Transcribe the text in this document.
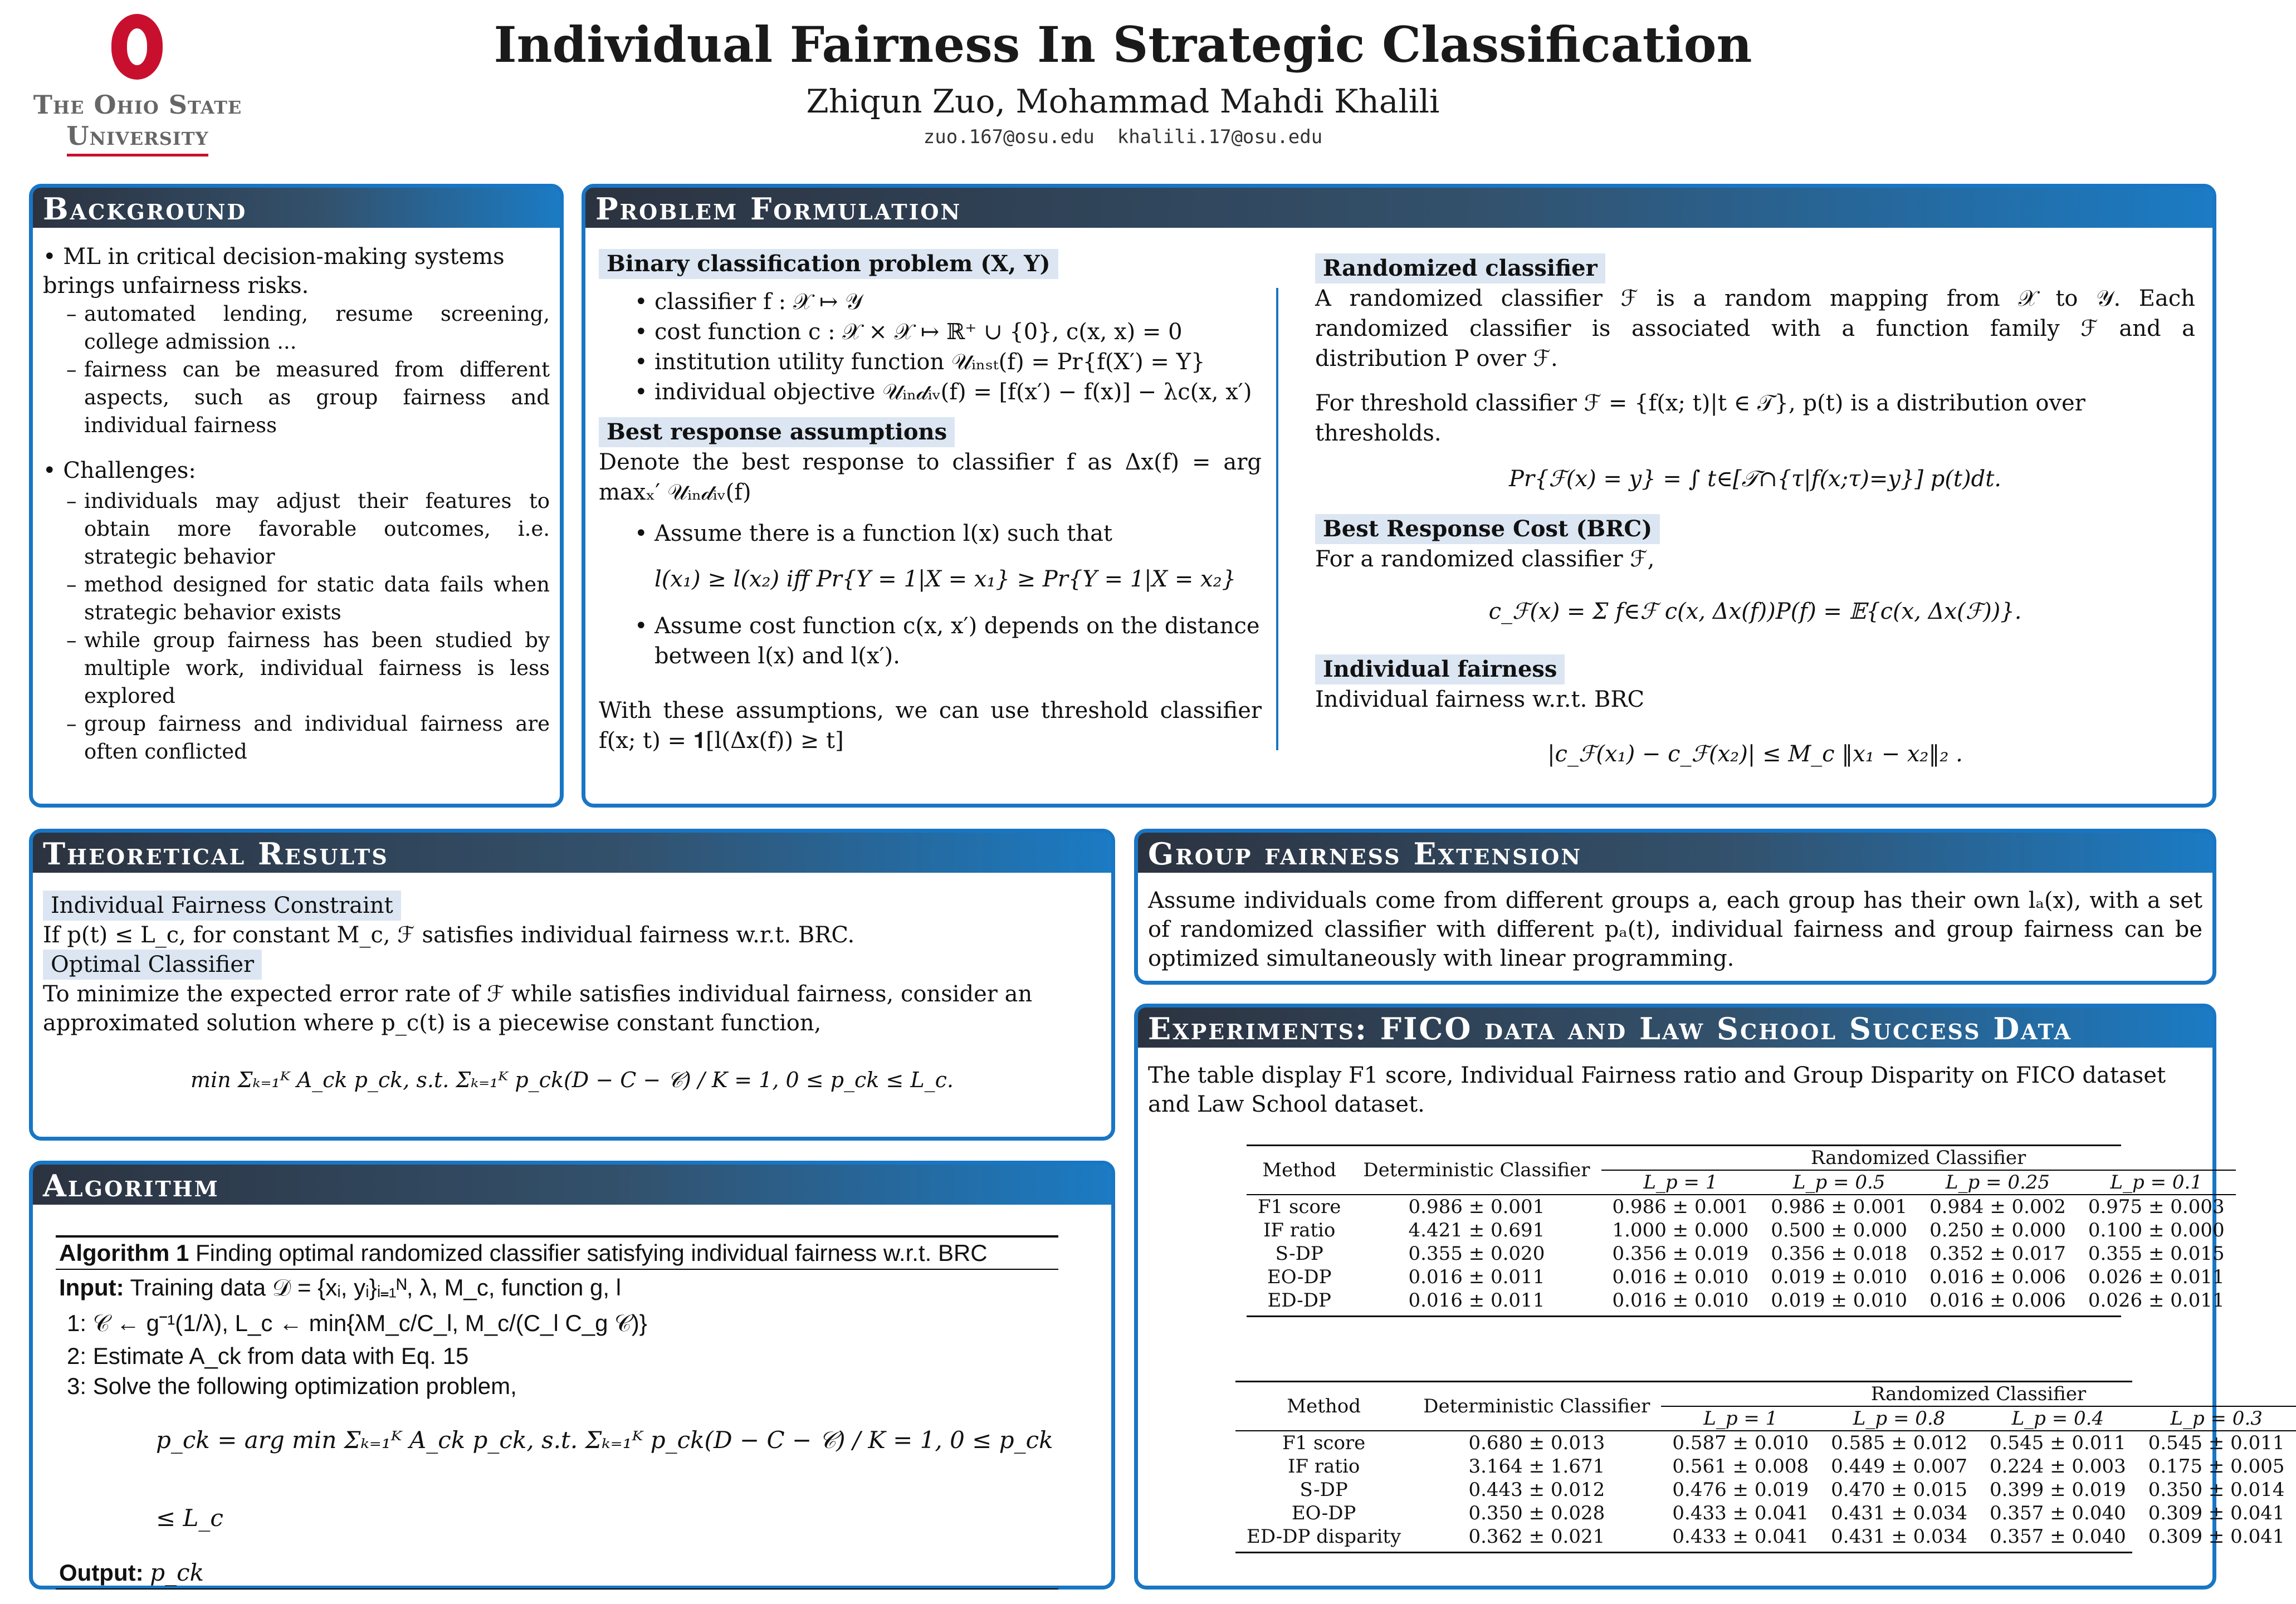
The Ohio State
University
Individual Fairness In Strategic Classification
Zhiqun Zuo, Mohammad Mahdi Khalili
zuo.167@osu.edu  khalili.17@osu.edu
Background
• ML in critical decision-making systems brings unfairness risks.
– automated lending, resume screening, college admission ...
– fairness can be measured from different aspects, such as group fairness and individual fairness
• Challenges:
– individuals may adjust their features to obtain more favorable outcomes, i.e. strategic behavior
– method designed for static data fails when strategic behavior exists
– while group fairness has been studied by multiple work, individual fairness is less explored
– group fairness and individual fairness are often conflicted
Problem Formulation
Binary classification problem (X, Y)
• classifier f : 𝒳 ↦ 𝒴
• cost function c : 𝒳 × 𝒳 ↦ ℝ⁺ ∪ {0}, c(x, x) = 0
• institution utility function 𝒰ᵢₙₛₜ(f) = Pr{f(X′) = Y}
• individual objective 𝒰ᵢₙ𝒹ᵢᵥ(f) = [f(x′) − f(x)] − λc(x, x′)
Best response assumptions
Denote the best response to classifier f as Δx(f) = arg maxₓ′ 𝒰ᵢₙ𝒹ᵢᵥ(f)
• Assume there is a function l(x) such that
l(x₁) ≥ l(x₂) iff Pr{Y = 1|X = x₁} ≥ Pr{Y = 1|X = x₂}
• Assume cost function c(x, x′) depends on the distance between l(x) and l(x′).
With these assumptions, we can use threshold classifier f(x; t) = 𝟏[l(Δx(f)) ≥ t]
Randomized classifier
A randomized classifier ℱ is a random mapping from 𝒳 to 𝒴. Each randomized classifier is associated with a function family ℱ and a distribution P over ℱ.
For threshold classifier ℱ = {f(x; t)|t ∈ 𝒯}, p(t) is a distribution over thresholds.
Pr{ℱ(x) = y} = ∫ t∈[𝒯∩{τ|f(x;τ)=y}] p(t)dt.
Best Response Cost (BRC)
For a randomized classifier ℱ,
c_ℱ(x) = Σ f∈ℱ c(x, Δx(f))P(f) = 𝔼{c(x, Δx(ℱ))}.
Individual fairness
Individual fairness w.r.t. BRC
|c_ℱ(x₁) − c_ℱ(x₂)| ≤ M_c ‖x₁ − x₂‖₂ .
Theoretical Results
Individual Fairness Constraint
If p(t) ≤ L_c, for constant M_c, ℱ satisfies individual fairness w.r.t. BRC.
Optimal Classifier
To minimize the expected error rate of ℱ while satisfies individual fairness, consider an approximated solution where p_c(t) is a piecewise constant function,
min Σₖ₌₁ᴷ A_ck p_ck, s.t. Σₖ₌₁ᴷ p_ck(D − C − 𝒞) / K = 1, 0 ≤ p_ck ≤ L_c.
Algorithm
Algorithm 1 Finding optimal randomized classifier satisfying individual fairness w.r.t. BRC
Input: Training data 𝒟 = {xᵢ, yᵢ}ᵢ₌₁ᴺ, λ, M_c, function g, l
1: 𝒞 ← g⁻¹(1/λ), L_c ← min{λM_c/C_l, M_c/(C_l C_g 𝒞)}
2: Estimate A_ck from data with Eq. 15
3: Solve the following optimization problem,
p_ck = arg min Σₖ₌₁ᴷ A_ck p_ck, s.t. Σₖ₌₁ᴷ p_ck(D − C − 𝒞) / K = 1, 0 ≤ p_ck ≤ L_c
Output: p_ck
Group fairness Extension
Assume individuals come from different groups a, each group has their own lₐ(x), with a set of randomized classifier with different pₐ(t), individual fairness and group fairness can be optimized simultaneously with linear programming.
Experiments: FICO data and Law School Success Data
The table display F1 score, Individual Fairness ratio and Group Disparity on FICO dataset and Law School dataset.
Method	Deterministic Classifier	Randomized Classifier			
		L_p = 1	L_p = 0.5	L_p = 0.25	L_p = 0.1

F1 score	0.986 ± 0.001	0.986 ± 0.001	0.986 ± 0.001	0.984 ± 0.002	0.975 ± 0.003
IF ratio	4.421 ± 0.691	1.000 ± 0.000	0.500 ± 0.000	0.250 ± 0.000	0.100 ± 0.000
S-DP	0.355 ± 0.020	0.356 ± 0.019	0.356 ± 0.018	0.352 ± 0.017	0.355 ± 0.015
EO-DP	0.016 ± 0.011	0.016 ± 0.010	0.019 ± 0.010	0.016 ± 0.006	0.026 ± 0.011
ED-DP	0.016 ± 0.011	0.016 ± 0.010	0.019 ± 0.010	0.016 ± 0.006	0.026 ± 0.011
Method	Deterministic Classifier	Randomized Classifier			
		L_p = 1	L_p = 0.8	L_p = 0.4	L_p = 0.3

F1 score	0.680 ± 0.013	0.587 ± 0.010	0.585 ± 0.012	0.545 ± 0.011	0.545 ± 0.011
IF ratio	3.164 ± 1.671	0.561 ± 0.008	0.449 ± 0.007	0.224 ± 0.003	0.175 ± 0.005
S-DP	0.443 ± 0.012	0.476 ± 0.019	0.470 ± 0.015	0.399 ± 0.019	0.350 ± 0.014
EO-DP	0.350 ± 0.028	0.433 ± 0.041	0.431 ± 0.034	0.357 ± 0.040	0.309 ± 0.041
ED-DP disparity	0.362 ± 0.021	0.433 ± 0.041	0.431 ± 0.034	0.357 ± 0.040	0.309 ± 0.041
